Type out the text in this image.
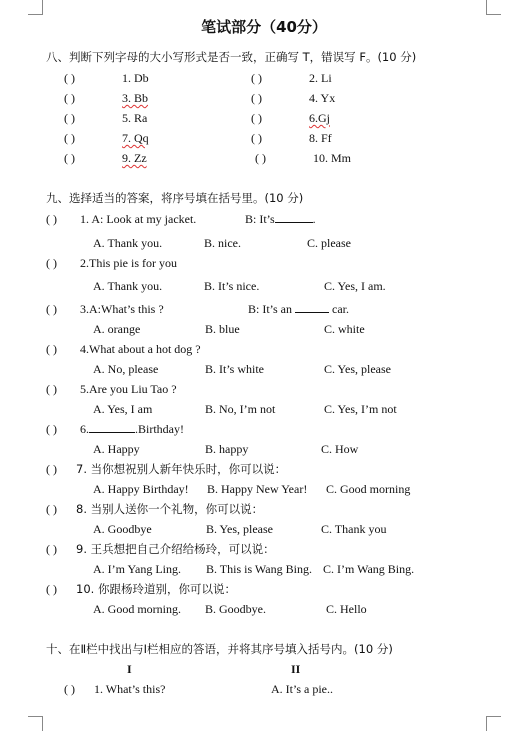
笔试部分（40分）
八、判断下列字母的大小写形式是否一致，正确写 T，错误写 F。(10 分)
( )	1. Db	( )	2. Li
( )	3. Bb	( )	4. Yx
( )	5. Ra	( )	6.Gj
( )	7. Qq	( )	8. Ff
( )	9. Zz	( )	10. Mm
九、选择适当的答案，将序号填在括号里。(10 分)
( ) 1. A: Look at my jacket.	B: It’s	.
A. Thank you.	B. nice.	C. please
( ) 2.This pie is for you
A. Thank you.	B. It’s nice.	C. Yes, I am.
( ) 3.A:What’s this ?	B: It’s an	car.
A. orange	B. blue	C. white
( ) 4.What about a hot dog ?
A. No, please	B. It’s white	C. Yes, please
( ) 5.Are you Liu Tao ?
A. Yes, I am	B. No, I’m not	C. Yes, I’m not
( ) 6.	.Birthday!
A. Happy	B. happy	C. How
( ) 7. 当你想祝别人新年快乐时，你可以说：
A. Happy Birthday! B. Happy New Year! C. Good morning
( ) 8. 当别人送你一个礼物，你可以说：
A. Goodbye	B. Yes, please	C. Thank you
( ) 9. 王兵想把自己介绍给杨玲，可以说：
A. I’m Yang Ling. B. This is Wang Bing. C. I’m Wang Bing.
( ) 10. 你跟杨玲道别，你可以说：
A. Good morning. B. Goodbye.	C. Hello
十、在Ⅱ栏中找出与Ⅰ栏相应的答语，并将其序号填入括号内。(10 分)
I	II
( ) 1. What’s this?	A. It’s a pie..
